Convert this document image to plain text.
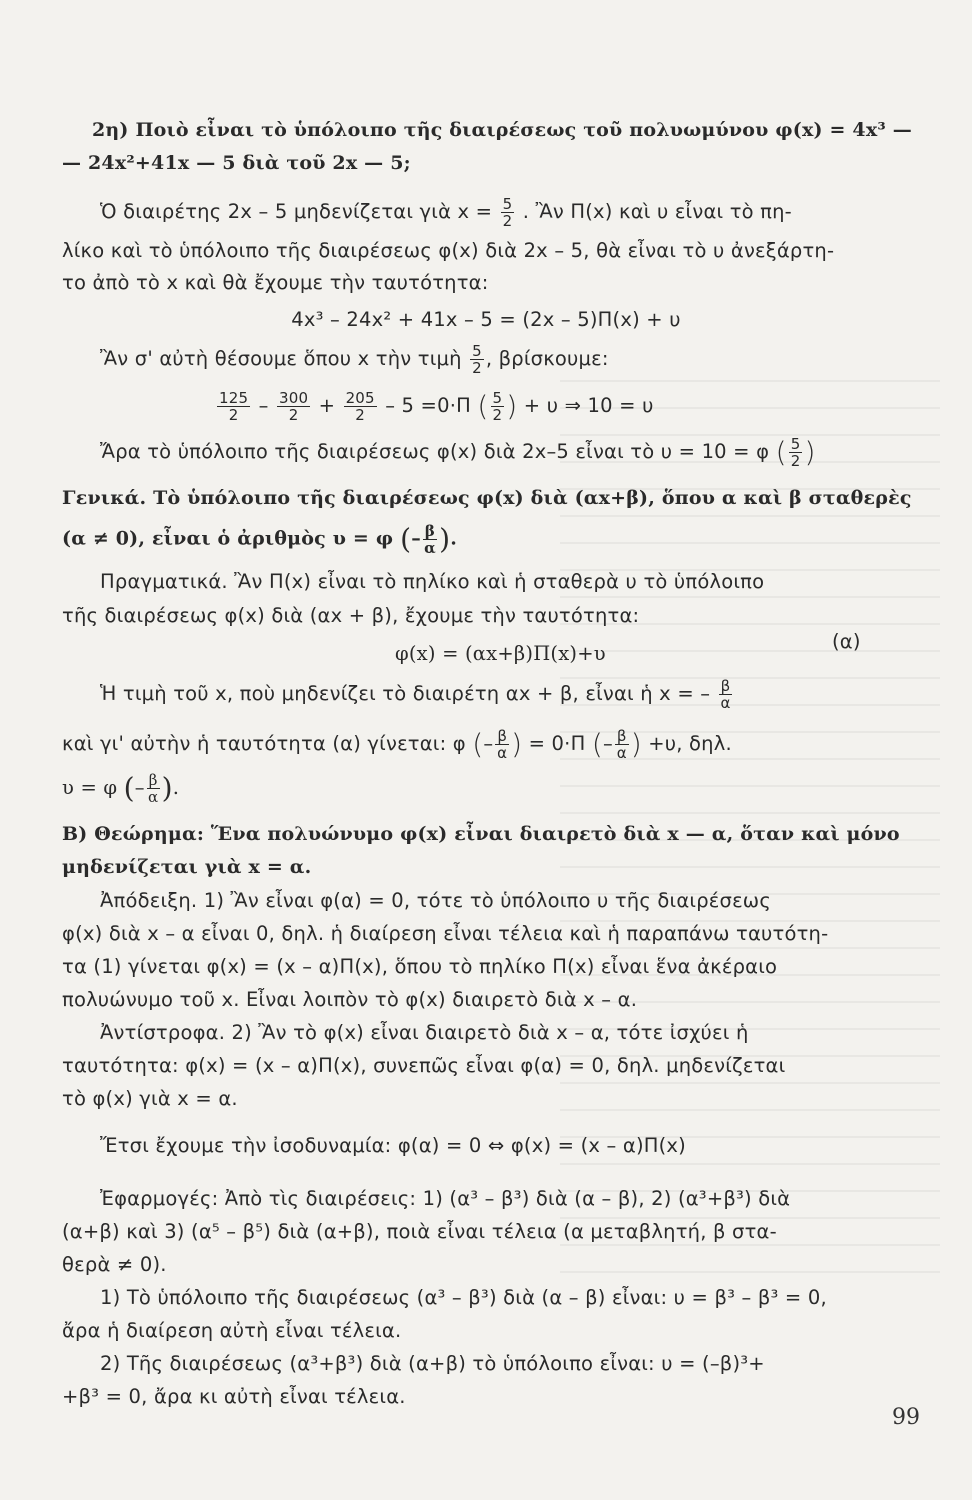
2η) Ποιὸ εἶναι τὸ ὑπόλοιπο τῆς διαιρέσεως τοῦ πολυωμύνου φ(x) = 4x³ —
— 24x²+41x — 5 διὰ τοῦ 2x — 5;
Ὁ διαιρέτης 2x – 5 μηδενίζεται γιὰ $x = \frac{5}{2}$ . Ἂν Π(x) καὶ υ εἶναι τὸ πη-
λίκο καὶ τὸ ὑπόλοιπο τῆς διαιρέσεως φ(x) διὰ 2x – 5, θὰ εἶναι τὸ υ ἀνεξάρτη-
το ἀπὸ τὸ x καὶ θὰ ἔχουμε τὴν ταυτότητα:
4x³ – 24x² + 41x – 5 = (2x – 5)Π(x) + υ
Ἂν σ' αὐτὴ θέσουμε ὅπου x τὴν τιμὴ $\frac{5}{2}$ , βρίσκουμε:
$\frac{125}{2} - \frac{300}{2} + \frac{205}{2} - 5 =0\cdot\Pi$ ( $\frac{5}{2}$ ) + υ ⇒ 10 = υ
Ἄρα τὸ ὑπόλοιπο τῆς διαιρέσεως φ(x) διὰ 2x–5 εἶναι τὸ υ = 10 = φ ( $\frac{5}{2}$ )
Γενικά. Τὸ ὑπόλοιπο τῆς διαιρέσεως φ(x) διὰ (αx+β), ὅπου α καὶ β σταθερὲς
(α ≠ 0), εἶναι ὁ ἀριθμὸς υ = φ (– $\frac{\beta}{\alpha}$ ).
Πραγματικά. Ἂν Π(x) εἶναι τὸ πηλίκο καὶ ἡ σταθερὰ υ τὸ ὑπόλοιπο
τῆς διαιρέσεως φ(x) διὰ (αx + β), ἔχουμε τὴν ταυτότητα:
φ(x) = (αx+β)Π(x)+υ
(α)
Ἡ τιμὴ τοῦ x, ποὺ μηδενίζει τὸ διαιρέτη αx + β, εἶναι ἡ x = – $\frac{\beta}{\alpha}$
καὶ γι' αὐτὴν ἡ ταυτότητα (α) γίνεται: φ (– $\frac{\beta}{\alpha}$ ) = 0·Π (– $\frac{\beta}{\alpha}$ ) +υ, δηλ.
υ = φ (– $\frac{\beta}{\alpha}$ ).
Β) Θεώρημα: Ἕνα πολυώνυμο φ(x) εἶναι διαιρετὸ διὰ x — α, ὅταν καὶ μόνο
μηδενίζεται γιὰ x = α.
Ἀπόδειξη. 1) Ἂν εἶναι φ(α) = 0, τότε τὸ ὑπόλοιπο υ τῆς διαιρέσεως
φ(x) διὰ x – α εἶναι 0, δηλ. ἡ διαίρεση εἶναι τέλεια καὶ ἡ παραπάνω ταυτότη-
τα (1) γίνεται φ(x) = (x – α)Π(x), ὅπου τὸ πηλίκο Π(x) εἶναι ἕνα ἀκέραιο
πολυώνυμο τοῦ x. Εἶναι λοιπὸν τὸ φ(x) διαιρετὸ διὰ x – α.
Ἀντίστροφα. 2) Ἂν τὸ φ(x) εἶναι διαιρετὸ διὰ x – α, τότε ἰσχύει ἡ
ταυτότητα: φ(x) = (x – α)Π(x), συνεπῶς εἶναι φ(α) = 0, δηλ. μηδενίζεται
τὸ φ(x) γιὰ x = α.
Ἔτσι ἔχουμε τὴν ἰσοδυναμία: φ(α) = 0 ⇔ φ(x) = (x – α)Π(x)
Ἐφαρμογές: Ἀπὸ τὶς διαιρέσεις: 1) (α³ – β³) διὰ (α – β), 2) (α³+β³) διὰ
(α+β) καὶ 3) (α⁵ – β⁵) διὰ (α+β), ποιὰ εἶναι τέλεια (α μεταβλητή, β στα-
θερὰ ≠ 0).
1) Τὸ ὑπόλοιπο τῆς διαιρέσεως (α³ – β³) διὰ (α – β) εἶναι: υ = β³ – β³ = 0,
ἄρα ἡ διαίρεση αὐτὴ εἶναι τέλεια.
2) Τῆς διαιρέσεως (α³+β³) διὰ (α+β) τὸ ὑπόλοιπο εἶναι: υ = (–β)³+
+β³ = 0, ἄρα κι αὐτὴ εἶναι τέλεια.
99
